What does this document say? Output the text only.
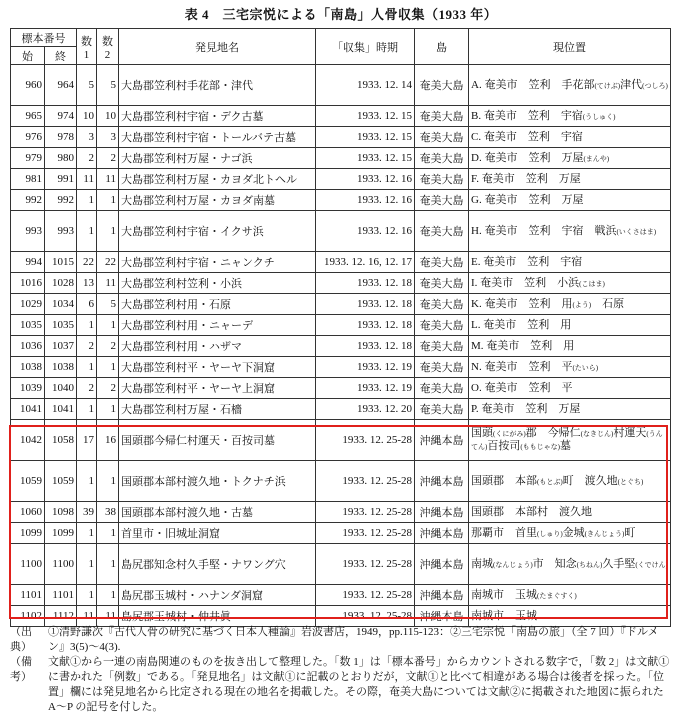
表 4　三宅宗悦による「南島」人骨収集（1933 年）
標本番号		数 1	数 2	発見地名	「収集」時期	島	現位置
始	終						
960	964	5	5	大島郡笠利村手花部・津代	1933. 12. 14	奄美大島	A. 奄美市　笠利　手花部(てけぶ)津代(つしろ)
965	974	10	10	大島郡笠利村宇宿・デク古墓	1933. 12. 15	奄美大島	B. 奄美市　笠利　宇宿(うしゅく)
976	978	3	3	大島郡笠利村宇宿・トールバテ古墓	1933. 12. 15	奄美大島	C. 奄美市　笠利　宇宿
979	980	2	2	大島郡笠利村万屋・ナゴ浜	1933. 12. 15	奄美大島	D. 奄美市　笠利　万屋(まんや)
981	991	11	11	大島郡笠利村万屋・カヨダ北トヘル	1933. 12. 16	奄美大島	F. 奄美市　笠利　万屋
992	992	1	1	大島郡笠利村万屋・カヨダ南墓	1933. 12. 16	奄美大島	G. 奄美市　笠利　万屋
993	993	1	1	大島郡笠利村宇宿・イクサ浜	1933. 12. 16	奄美大島	H. 奄美市　笠利　宇宿　戦浜(いくさはま)
994	1015	22	22	大島郡笠利村宇宿・ニャンクチ	1933. 12. 16, 12. 17	奄美大島	E. 奄美市　笠利　宇宿
1016	1028	13	11	大島郡笠利村笠利・小浜	1933. 12. 18	奄美大島	I. 奄美市　笠利　小浜(こはま)
1029	1034	6	5	大島郡笠利村用・石原	1933. 12. 18	奄美大島	K. 奄美市　笠利　用(よう)　石原
1035	1035	1	1	大島郡笠利村用・ニャーデ	1933. 12. 18	奄美大島	L. 奄美市　笠利　用
1036	1037	2	2	大島郡笠利村用・ハザマ	1933. 12. 18	奄美大島	M. 奄美市　笠利　用
1038	1038	1	1	大島郡笠利村平・ヤーヤ下洞窟	1933. 12. 19	奄美大島	N. 奄美市　笠利　平(たいら)
1039	1040	2	2	大島郡笠利村平・ヤーヤ上洞窟	1933. 12. 19	奄美大島	O. 奄美市　笠利　平
1041	1041	1	1	大島郡笠利村万屋・石檣	1933. 12. 20	奄美大島	P. 奄美市　笠利　万屋
1042	1058	17	16	国頭郡今帰仁村運天・百按司墓	1933. 12. 25-28	沖縄本島	国頭(くにがみ)郡　今帰仁(なきじん)村運天(うんてん)百按司(ももじゃな)墓
1059	1059	1	1	国頭郡本部村渡久地・トクナチ浜	1933. 12. 25-28	沖縄本島	国頭郡　本部(もとぶ)町　渡久地(とぐち)
1060	1098	39	38	国頭郡本部村渡久地・古墓	1933. 12. 25-28	沖縄本島	国頭郡　本部村　渡久地
1099	1099	1	1	首里市・旧城址洞窟	1933. 12. 25-28	沖縄本島	那覇市　首里(しゅり)金城(きんじょう)町
1100	1100	1	1	島尻郡知念村久手堅・ナワング穴	1933. 12. 25-28	沖縄本島	南城(なんじょう)市　知念(ちねん)久手堅(くでけん)
1101	1101	1	1	島尻郡玉城村・ハナンダ洞窟	1933. 12. 25-28	沖縄本島	南城市　玉城(たまぐすく)
1102	1112	11	11	島尻郡玉城村・仲井眞	1933. 12. 25-28	沖縄本島	南城市　玉城
（出典）
①清野謙次『古代人骨の研究に基づく日本人種論』岩波書店，1949，pp.115-123：②三宅宗悦「南島の旅」（全 7 回）『ドルメン』3(5)〜4(3).
（備考）
文献①から一連の南島関連のものを抜き出して整理した。「数 1」は「標本番号」からカウントされる数字で，「数 2」は文献①に書かれた「例数」である。「発見地名」は文献①に記載のとおりだが，文献①と比べて相違がある場合は後者を採った。「位置」欄には発見地名から比定される現在の地名を掲載した。その際，奄美大島については文献②に掲載された地図に振られた A〜P の記号を付した。
